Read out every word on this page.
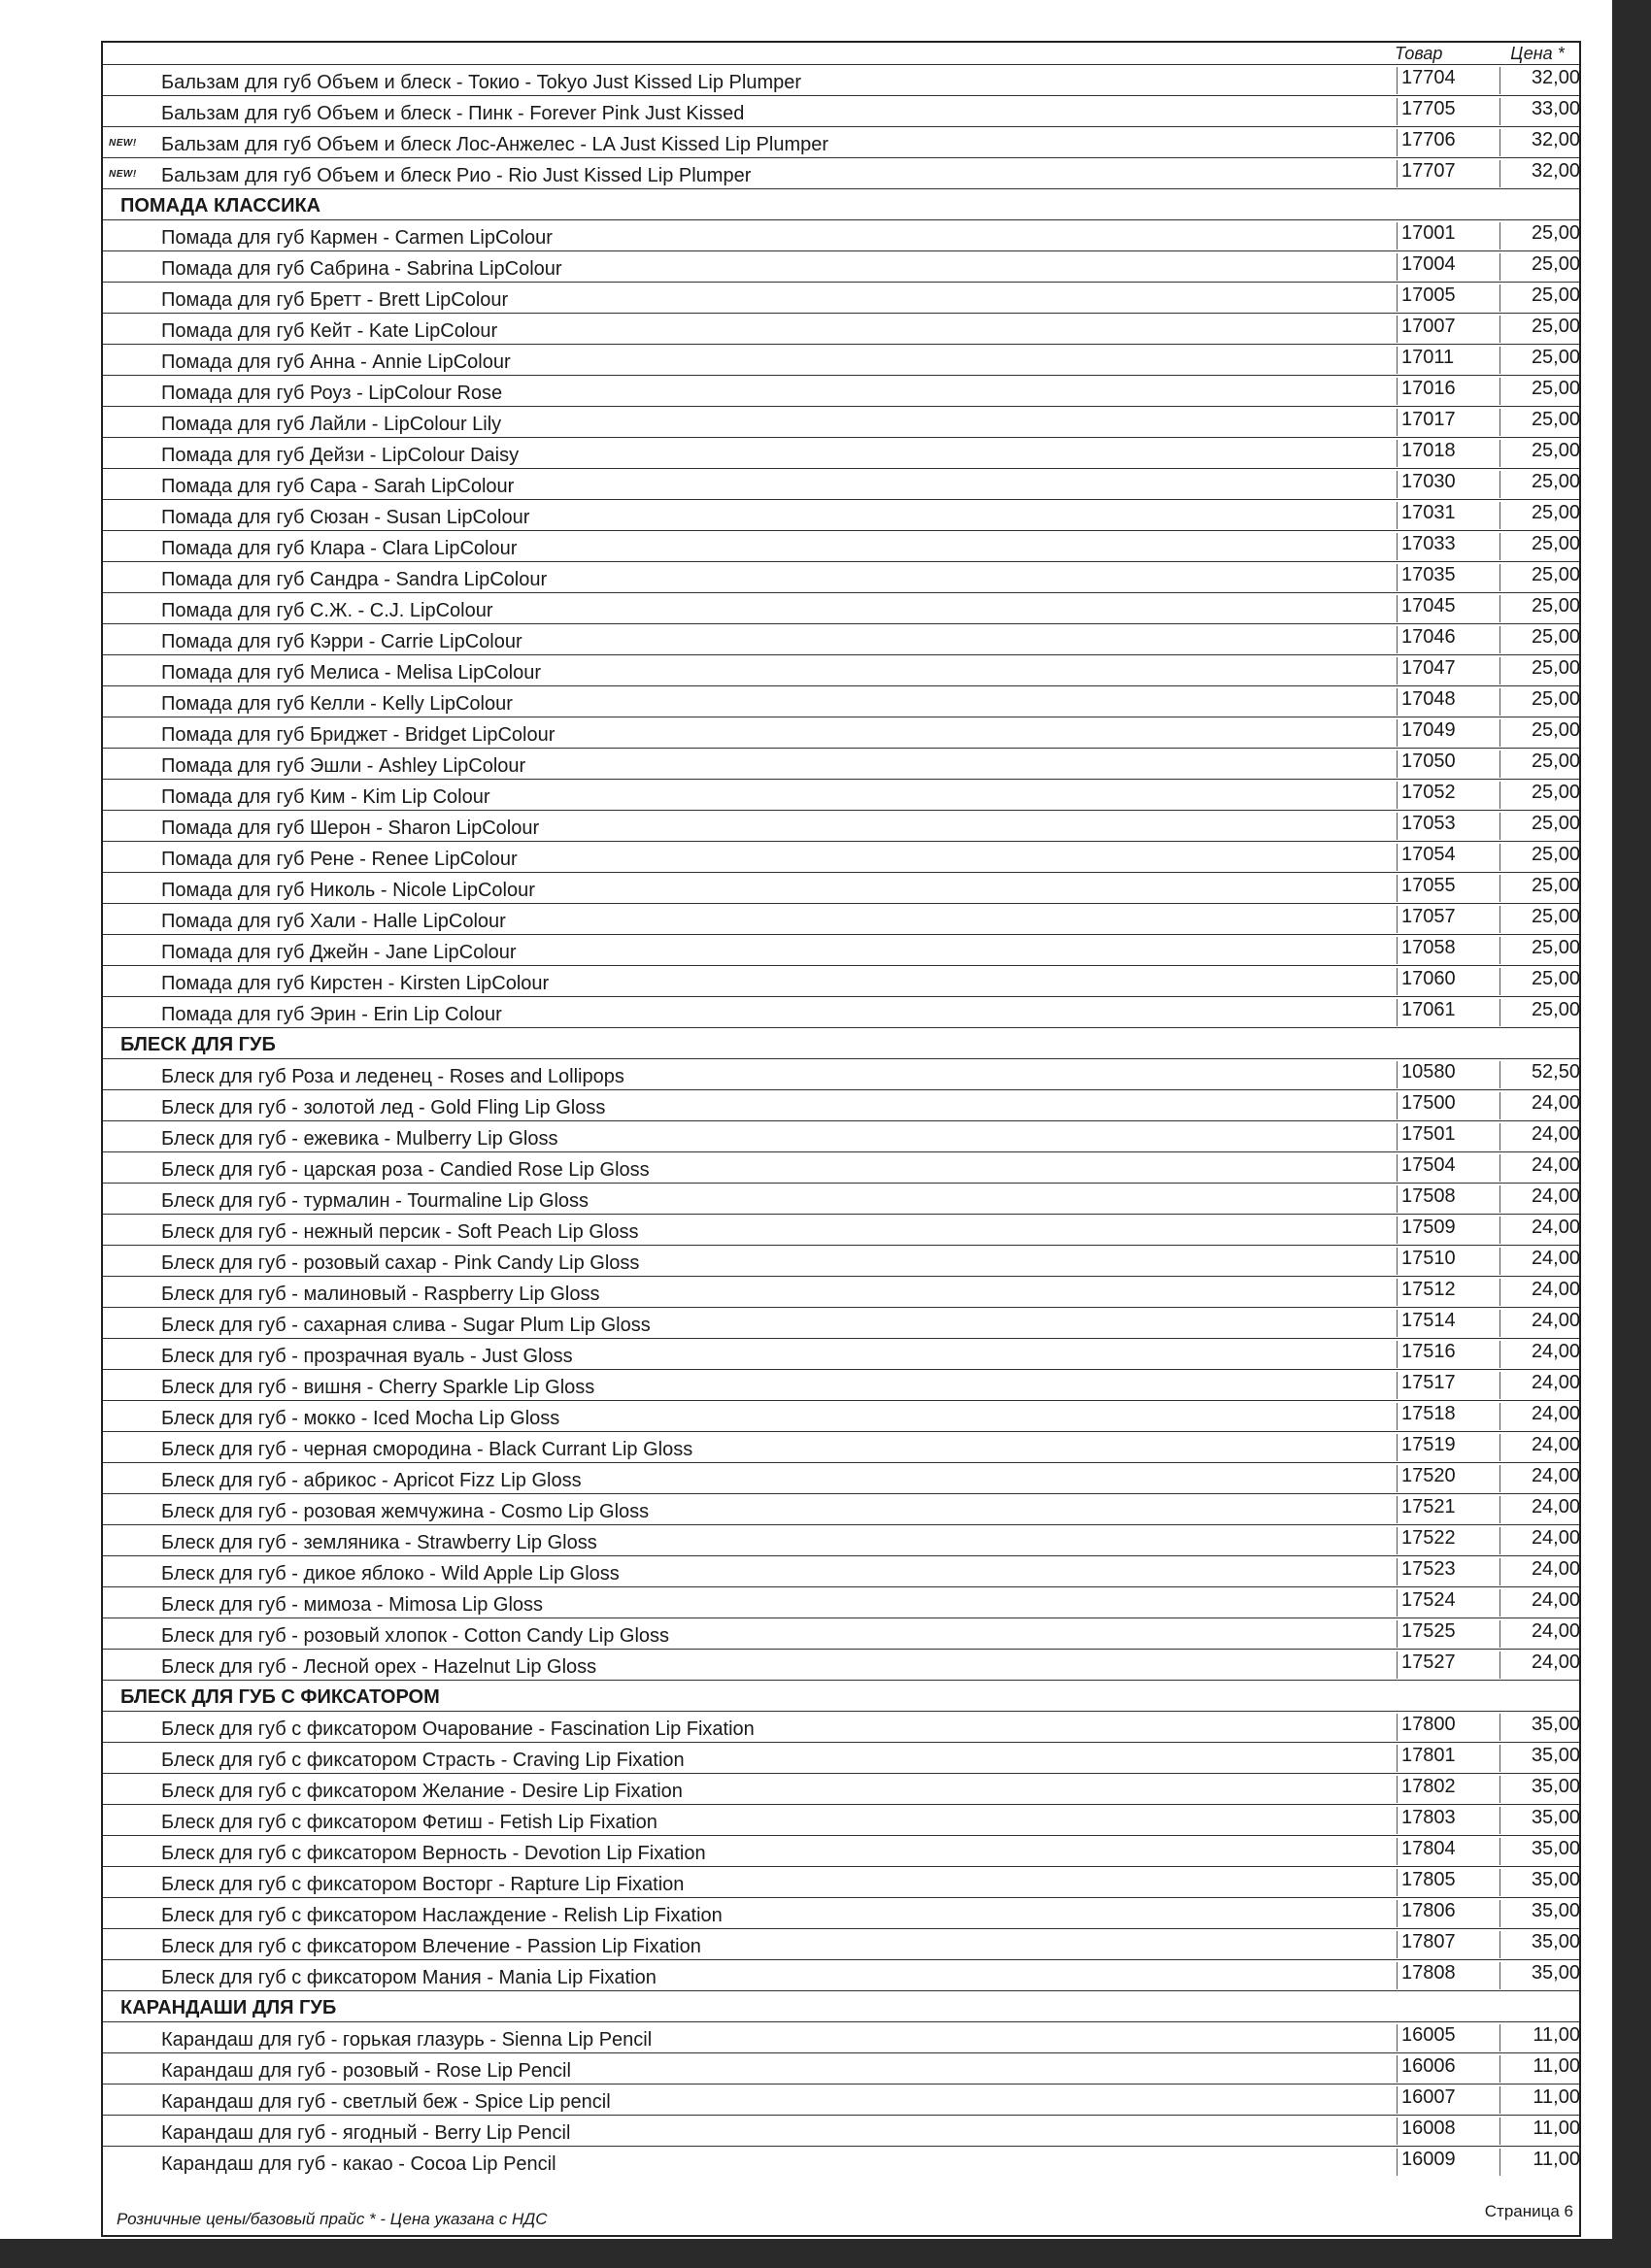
Товар	Цена *
Бальзам для губ Объем и блеск - Токио - Tokyo Just Kissed Lip Plumper	17704	32,00
Бальзам для губ Объем и блеск - Пинк - Forever Pink Just Kissed	17705	33,00
NEW! Бальзам для губ Объем и блеск Лос-Анжелес - LA Just Kissed Lip Plumper	17706	32,00
NEW! Бальзам для губ Объем и блеск Рио - Rio Just Kissed Lip Plumper	17707	32,00
ПОМАДА КЛАССИКА
Помада для губ Кармен - Carmen LipColour	17001	25,00
Помада для губ Сабрина - Sabrina LipColour	17004	25,00
Помада для губ Бретт - Brett LipColour	17005	25,00
Помада для губ Кейт - Kate LipColour	17007	25,00
Помада для губ Анна - Annie LipColour	17011	25,00
Помада для губ Роуз - LipColour Rose	17016	25,00
Помада для губ Лайли - LipColour Lily	17017	25,00
Помада для губ Дейзи - LipColour Daisy	17018	25,00
Помада для губ Сара - Sarah LipColour	17030	25,00
Помада для губ Сюзан - Susan LipColour	17031	25,00
Помада для губ Клара - Clara LipColour	17033	25,00
Помада для губ Сандра - Sandra LipColour	17035	25,00
Помада для губ С.Ж. - C.J. LipColour	17045	25,00
Помада для губ Кэрри - Carrie LipColour	17046	25,00
Помада для губ Мелиса - Melisa LipColour	17047	25,00
Помада для губ Келли - Kelly LipColour	17048	25,00
Помада для губ Бриджет - Bridget LipColour	17049	25,00
Помада для губ Эшли - Ashley LipColour	17050	25,00
Помада для губ Ким - Kim Lip Colour	17052	25,00
Помада для губ Шерон - Sharon LipColour	17053	25,00
Помада для губ Рене - Renee LipColour	17054	25,00
Помада для губ Николь - Nicole LipColour	17055	25,00
Помада для губ Хали - Halle LipColour	17057	25,00
Помада для губ Джейн - Jane LipColour	17058	25,00
Помада для губ Кирстен - Kirsten LipColour	17060	25,00
Помада для губ Эрин - Erin Lip Colour	17061	25,00
БЛЕСК ДЛЯ ГУБ
Блеск для губ Роза и леденец - Roses and Lollipops	10580	52,50
Блеск для губ - золотой лед - Gold Fling Lip Gloss	17500	24,00
Блеск для губ - ежевика - Mulberry Lip Gloss	17501	24,00
Блеск для губ - царская роза - Candied Rose Lip Gloss	17504	24,00
Блеск для губ - турмалин - Tourmaline Lip Gloss	17508	24,00
Блеск для губ - нежный персик - Soft Peach Lip Gloss	17509	24,00
Блеск для губ - розовый сахар - Pink Candy Lip Gloss	17510	24,00
Блеск для губ - малиновый - Raspberry Lip Gloss	17512	24,00
Блеск для губ - сахарная слива - Sugar Plum Lip Gloss	17514	24,00
Блеск для губ - прозрачная вуаль - Just Gloss	17516	24,00
Блеск для губ - вишня - Cherry Sparkle Lip Gloss	17517	24,00
Блеск для губ - мокко - Iced Mocha Lip Gloss	17518	24,00
Блеск для губ - черная смородина - Black Currant Lip Gloss	17519	24,00
Блеск для губ - абрикос - Apricot Fizz Lip Gloss	17520	24,00
Блеск для губ - розовая жемчужина - Cosmo Lip Gloss	17521	24,00
Блеск для губ - земляника - Strawberry Lip Gloss	17522	24,00
Блеск для губ - дикое яблоко - Wild Apple Lip Gloss	17523	24,00
Блеск для губ - мимоза - Mimosa Lip Gloss	17524	24,00
Блеск для губ - розовый хлопок - Cotton Candy Lip Gloss	17525	24,00
Блеск для губ - Лесной орех - Hazelnut Lip Gloss	17527	24,00
БЛЕСК ДЛЯ ГУБ С ФИКСАТОРОМ
Блеск для губ с фиксатором Очарование - Fascination Lip Fixation	17800	35,00
Блеск для губ с фиксатором Страсть - Craving Lip Fixation	17801	35,00
Блеск для губ с фиксатором Желание - Desire Lip Fixation	17802	35,00
Блеск для губ с фиксатором Фетиш - Fetish Lip Fixation	17803	35,00
Блеск для губ с фиксатором Верность - Devotion Lip Fixation	17804	35,00
Блеск для губ с фиксатором Восторг - Rapture Lip Fixation	17805	35,00
Блеск для губ с фиксатором Наслаждение - Relish Lip Fixation	17806	35,00
Блеск для губ с фиксатором Влечение - Passion Lip Fixation	17807	35,00
Блеск для губ с фиксатором Мания - Mania Lip Fixation	17808	35,00
КАРАНДАШИ ДЛЯ ГУБ
Карандаш для губ - горькая глазурь - Sienna Lip Pencil	16005	11,00
Карандаш для губ - розовый - Rose Lip Pencil	16006	11,00
Карандаш для губ - светлый беж - Spice Lip pencil	16007	11,00
Карандаш для губ - ягодный - Berry Lip Pencil	16008	11,00
Карандаш для губ - какао - Cocoa Lip Pencil	16009	11,00
Розничные цены/базовый прайс * - Цена указана с НДС	Страница 6
